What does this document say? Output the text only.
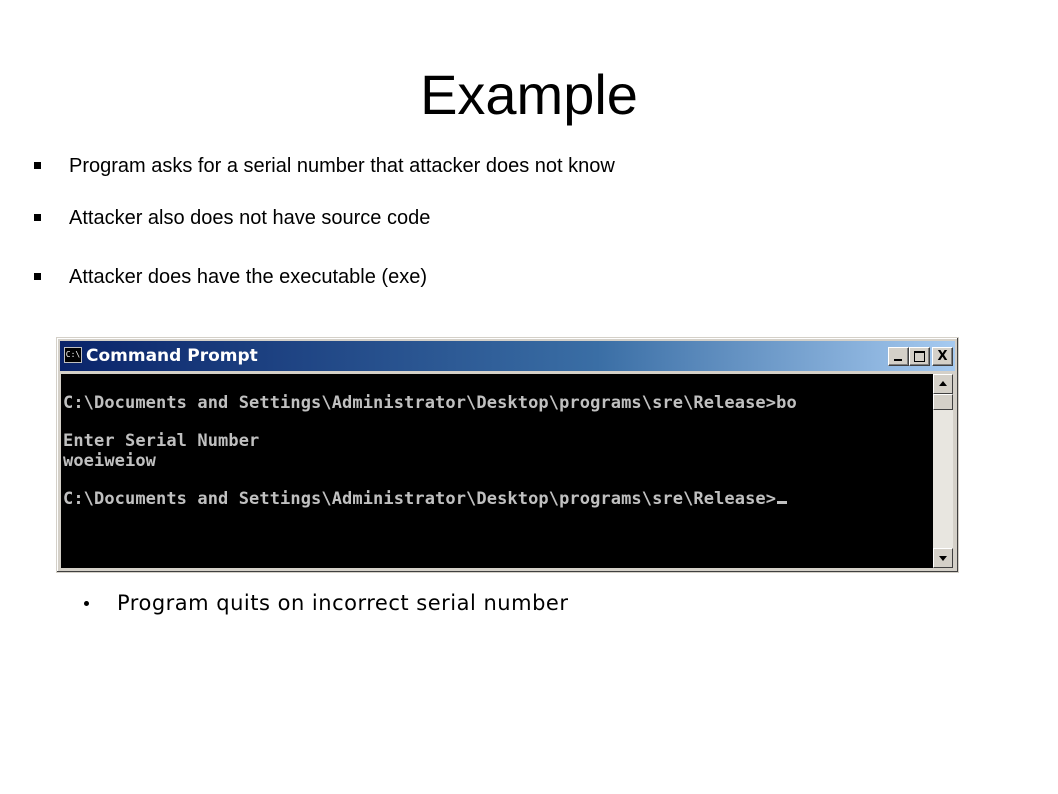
Example
Program asks for a serial number that attacker does not know
Attacker also does not have source code
Attacker does have the executable (exe)
C:\ Command Prompt	X
C:\Documents and Settings\Administrator\Desktop\programs\sre\Release>bo
Enter Serial Number
woeiweiow
C:\Documents and Settings\Administrator\Desktop\programs\sre\Release>
Program quits on incorrect serial number
